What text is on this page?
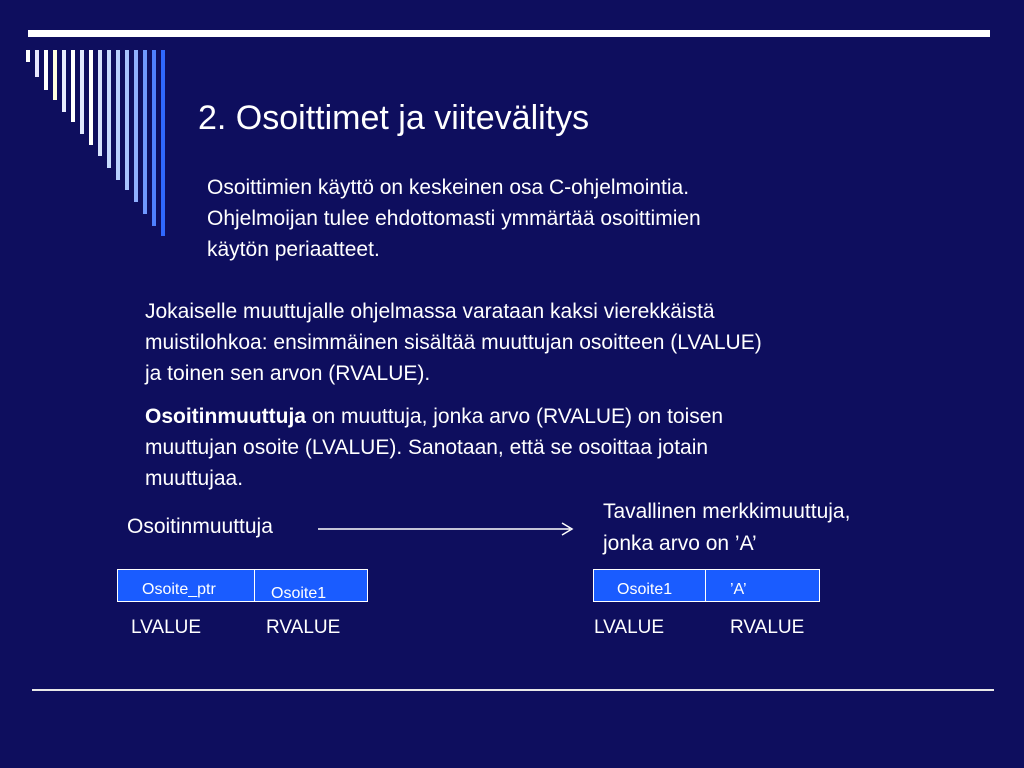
2. Osoittimet ja viitevälitys

Osoittimien käyttö on keskeinen osa C-ohjelmointia.
Ohjelmoijan tulee ehdottomasti ymmärtää osoittimien
käytön periaatteet.

Jokaiselle muuttujalle ohjelmassa varataan kaksi vierekkäistä
muistilohkoa: ensimmäinen sisältää muuttujan osoitteen (LVALUE)
ja toinen sen arvon (RVALUE).

Osoitinmuuttuja on muuttuja, jonka arvo (RVALUE) on toisen
muuttujan osoite (LVALUE). Sanotaan, että se osoittaa jotain
muuttujaa.

Osoitinmuuttuja
Tavallinen merkkimuuttuja,
jonka arvo on ’A’
Osoite_ptr	Osoite1	Osoite1	’A’
LVALUE	RVALUE	LVALUE	RVALUE
